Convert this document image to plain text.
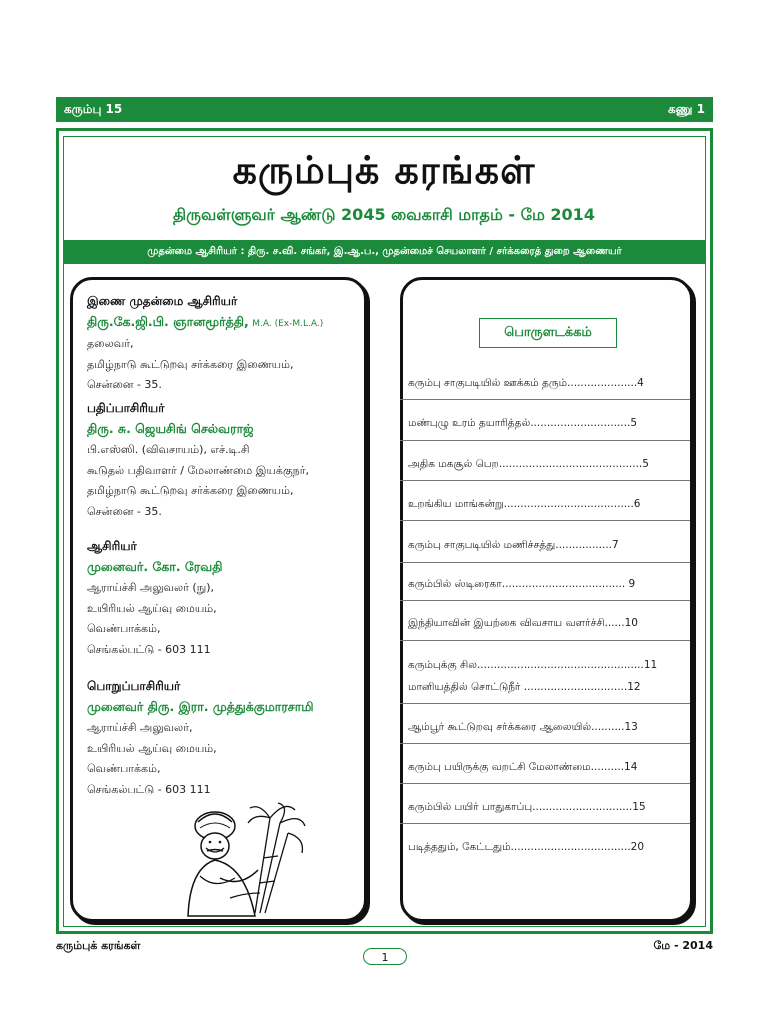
கரும்பு 15	கணு 1
கரும்புக் கரங்கள்
திருவள்ளுவர் ஆண்டு 2045 வைகாசி மாதம் - மே 2014
முதன்மை ஆசிரியர் : திரு. ச.வி. சங்கர், இ.ஆ.ப., முதன்மைச் செயலாளர் / சர்க்கரைத் துறை ஆணையர்
இணை முதன்மை ஆசிரியர்
திரு.கே.ஜி.பி. ஞானமூர்த்தி, M.A. (Ex-M.L.A.)
தலைவர்,
தமிழ்நாடு கூட்டுறவு சர்க்கரை இணையம்,
சென்னை - 35.
பதிப்பாசிரியர்
திரு. சு. ஜெயசிங் செல்வராஜ்
பி.எஸ்ஸி. (விவசாயம்), எச்.டி.சி
கூடுதல் பதிவாளர் / மேலாண்மை இயக்குநர்,
தமிழ்நாடு கூட்டுறவு சர்க்கரை இணையம்,
சென்னை - 35.
ஆசிரியர்
முனைவர். கோ. ரேவதி
ஆராய்ச்சி அலுவலர் (நு),
உயிரியல் ஆய்வு மையம்,
வெண்பாக்கம்,
செங்கல்பட்டு - 603 111
பொறுப்பாசிரியர்
முனைவர் திரு. இரா. முத்துக்குமாரசாமி
ஆராய்ச்சி அலுவலர்,
உயிரியல் ஆய்வு மையம்,
வெண்பாக்கம்,
செங்கல்பட்டு - 603 111
பொருளடக்கம்
கரும்பு சாகுபடியில் ஊக்கம் தரும்.....................4
மண்புழு உரம் தயாரித்தல்..............................5
அதிக மகசூல் பெற...........................................5
உறங்கிய மாங்கன்று.......................................6
கரும்பு சாகுபடியில் மணிச்சத்து.................7
கரும்பில் ஸ்டிரைகா..................................... 9
இந்தியாவின் இயற்கை விவசாய வளர்ச்சி......10
கரும்புக்கு சில..................................................11
மானியத்தில் சொட்டுநீர் ...............................12
ஆம்பூர் கூட்டுறவு சர்க்கரை ஆலையில்..........13
கரும்பு பயிருக்கு வறட்சி மேலாண்மை..........14
கரும்பில் பயிர் பாதுகாப்பு..............................15
படித்ததும், கேட்டதும்....................................20
கரும்புக் கரங்கள்
1
மே - 2014
